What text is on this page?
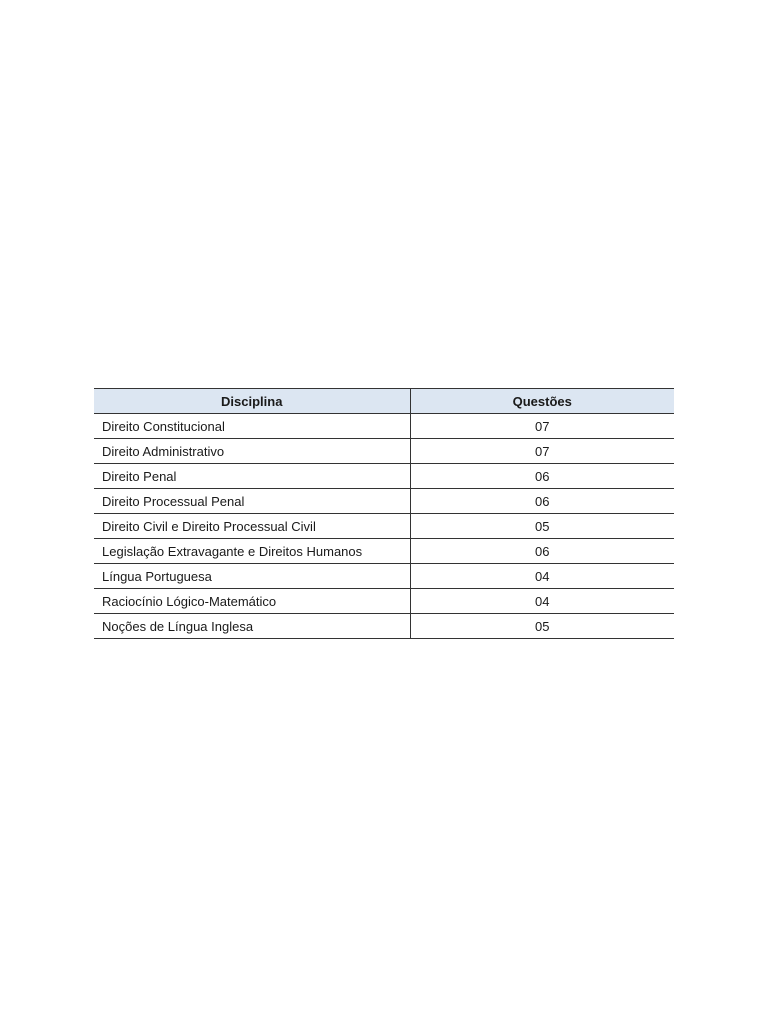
Disciplina	Questões
Direito Constitucional	07
Direito Administrativo	07
Direito Penal	06
Direito Processual Penal	06
Direito Civil e Direito Processual Civil	05
Legislação Extravagante e Direitos Humanos	06
Língua Portuguesa	04
Raciocínio Lógico-Matemático	04
Noções de Língua Inglesa	05
